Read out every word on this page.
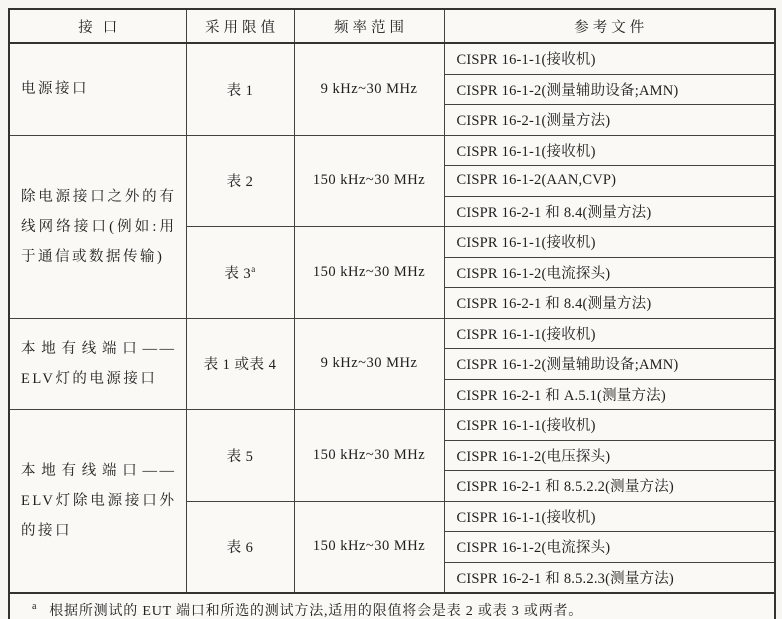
接口	采用限值	频率范围	参考文件
电源接口	表 1	9 kHz~30 MHz	CISPR 16-1-1(接收机)
			CISPR 16-1-2(测量辅助设备;AMN)
			CISPR 16-2-1(测量方法)
除电源接口之外的有线网络接口(例如:用于通信或数据传输)	表 2	150 kHz~30 MHz	CISPR 16-1-1(接收机)
			CISPR 16-1-2(AAN,CVP)
			CISPR 16-2-1 和 8.4(测量方法)
	表 3$^a$	150 kHz~30 MHz	CISPR 16-1-1(接收机)
			CISPR 16-1-2(电流探头)
			CISPR 16-2-1 和 8.4(测量方法)
本地有线端口——ELV灯的电源接口	表 1 或表 4	9 kHz~30 MHz	CISPR 16-1-1(接收机)
			CISPR 16-1-2(测量辅助设备;AMN)
			CISPR 16-2-1 和 A.5.1(测量方法)
本地有线端口——ELV灯除电源接口外的接口	表 5	150 kHz~30 MHz	CISPR 16-1-1(接收机)
			CISPR 16-1-2(电压探头)
			CISPR 16-2-1 和 8.5.2.2(测量方法)
	表 6	150 kHz~30 MHz	CISPR 16-1-1(接收机)
			CISPR 16-1-2(电流探头)
			CISPR 16-2-1 和 8.5.2.3(测量方法)
$^a$ 根据所测试的 EUT 端口和所选的测试方法,适用的限值将会是表 2 或表 3 或两者。			
